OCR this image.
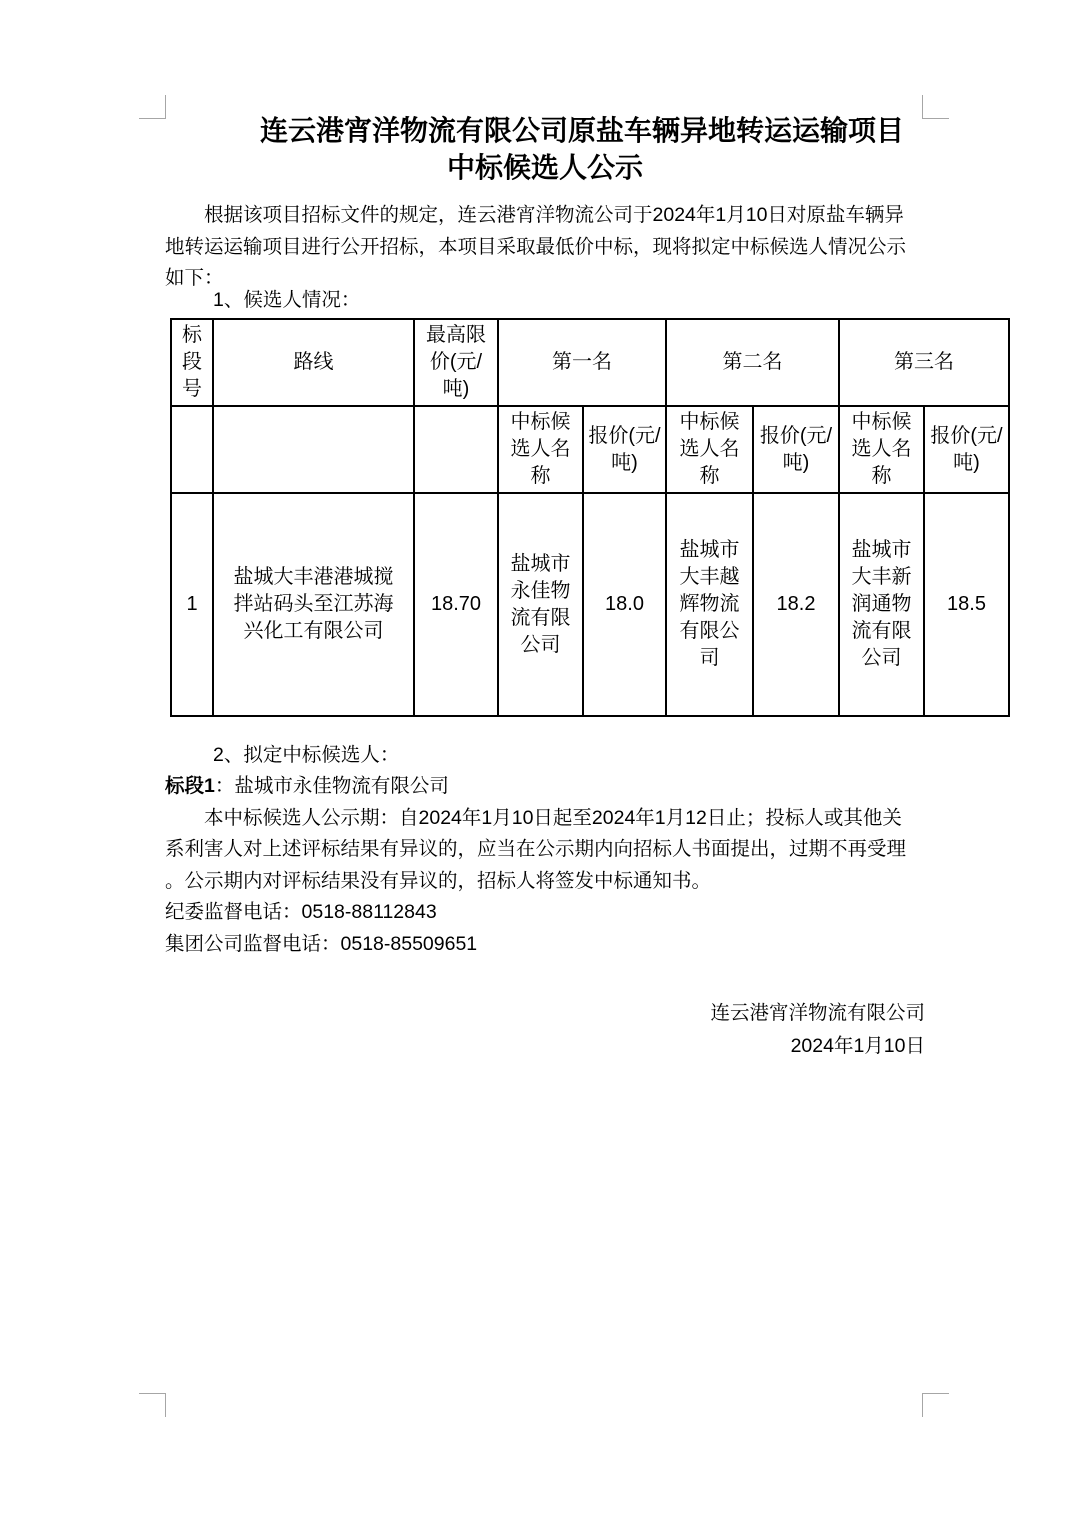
连云港宵洋物流有限公司原盐车辆异地转运运输项目
中标候选人公示
根据该项目招标文件的规定，连云港宵洋物流公司于2024年1月10日对原盐车辆异
地转运运输项目进行公开招标，本项目采取最低价中标，现将拟定中标候选人情况公示
如下：
1、候选人情况：
标段号	路线	最高限价(元/吨)	第一名		第二名		第三名	
			中标候选人名称	报价(元/吨)	中标候选人名称	报价(元/吨)	中标候选人名称	报价(元/吨)
1	盐城大丰港港城搅拌站码头至江苏海兴化工有限公司	18.70	盐城市永佳物流有限公司	18.0	盐城市大丰越辉物流有限公司	18.2	盐城市大丰新润通物流有限公司	18.5
2、拟定中标候选人：
标段1：盐城市永佳物流有限公司
本中标候选人公示期：自2024年1月10日起至2024年1月12日止；投标人或其他关
系利害人对上述评标结果有异议的，应当在公示期内向招标人书面提出，过期不再受理
。公示期内对评标结果没有异议的，招标人将签发中标通知书。
纪委监督电话：0518-88112843
集团公司监督电话：0518-85509651
连云港宵洋物流有限公司
2024年1月10日
